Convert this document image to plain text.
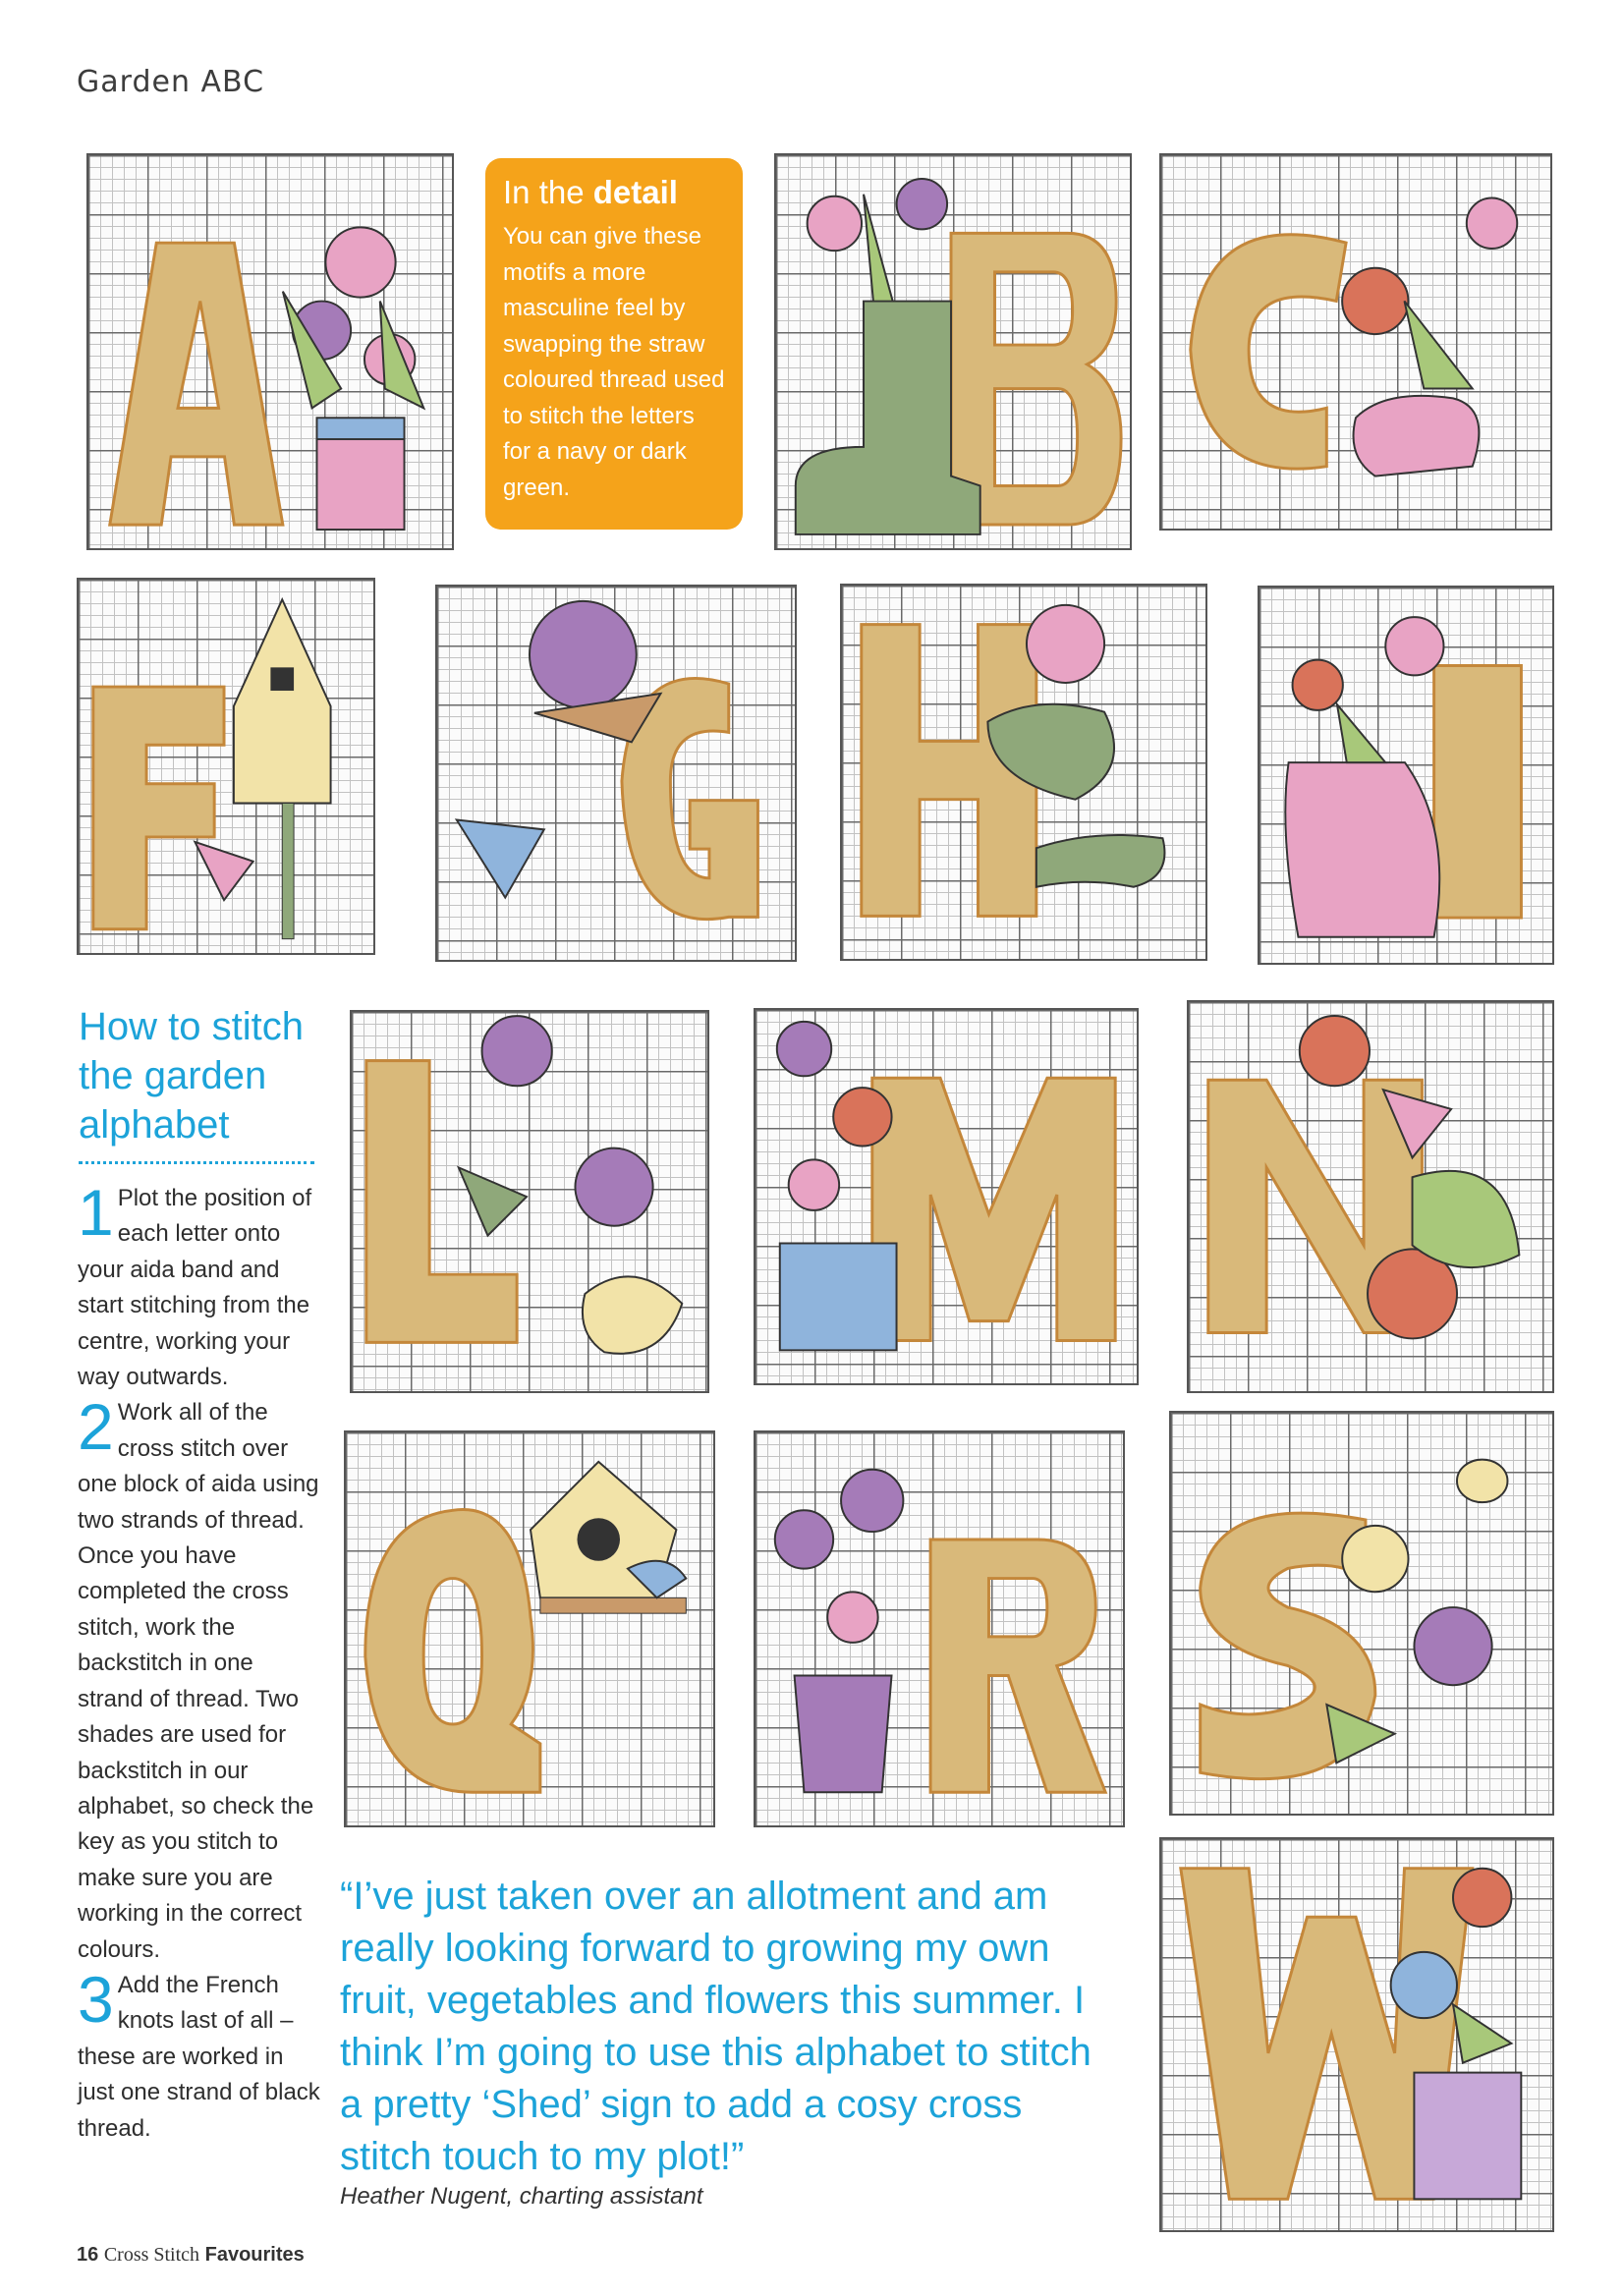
Garden ABC
In the detail
You can give these motifs a more masculine feel by swapping the straw coloured thread used to stitch the letters for a navy or dark green.
How to stitch the garden alphabet
1 Plot the position of each letter onto your aida band and start stitching from the centre, working your way outwards.
2 Work all of the cross stitch over one block of aida using two strands of thread. Once you have completed the cross stitch, work the backstitch in one strand of thread. Two shades are used for backstitch in our alphabet, so check the key as you stitch to make sure you are working in the correct colours.
3 Add the French knots last of all – these are worked in just one strand of black thread.
“I’ve just taken over an allotment and am really looking forward to growing my own fruit, vegetables and flowers this summer. I think I’m going to use this alphabet to stitch a pretty ‘Shed’ sign to add a cosy cross stitch touch to my plot!”
Heather Nugent, charting assistant
16 Cross Stitch Favourites
